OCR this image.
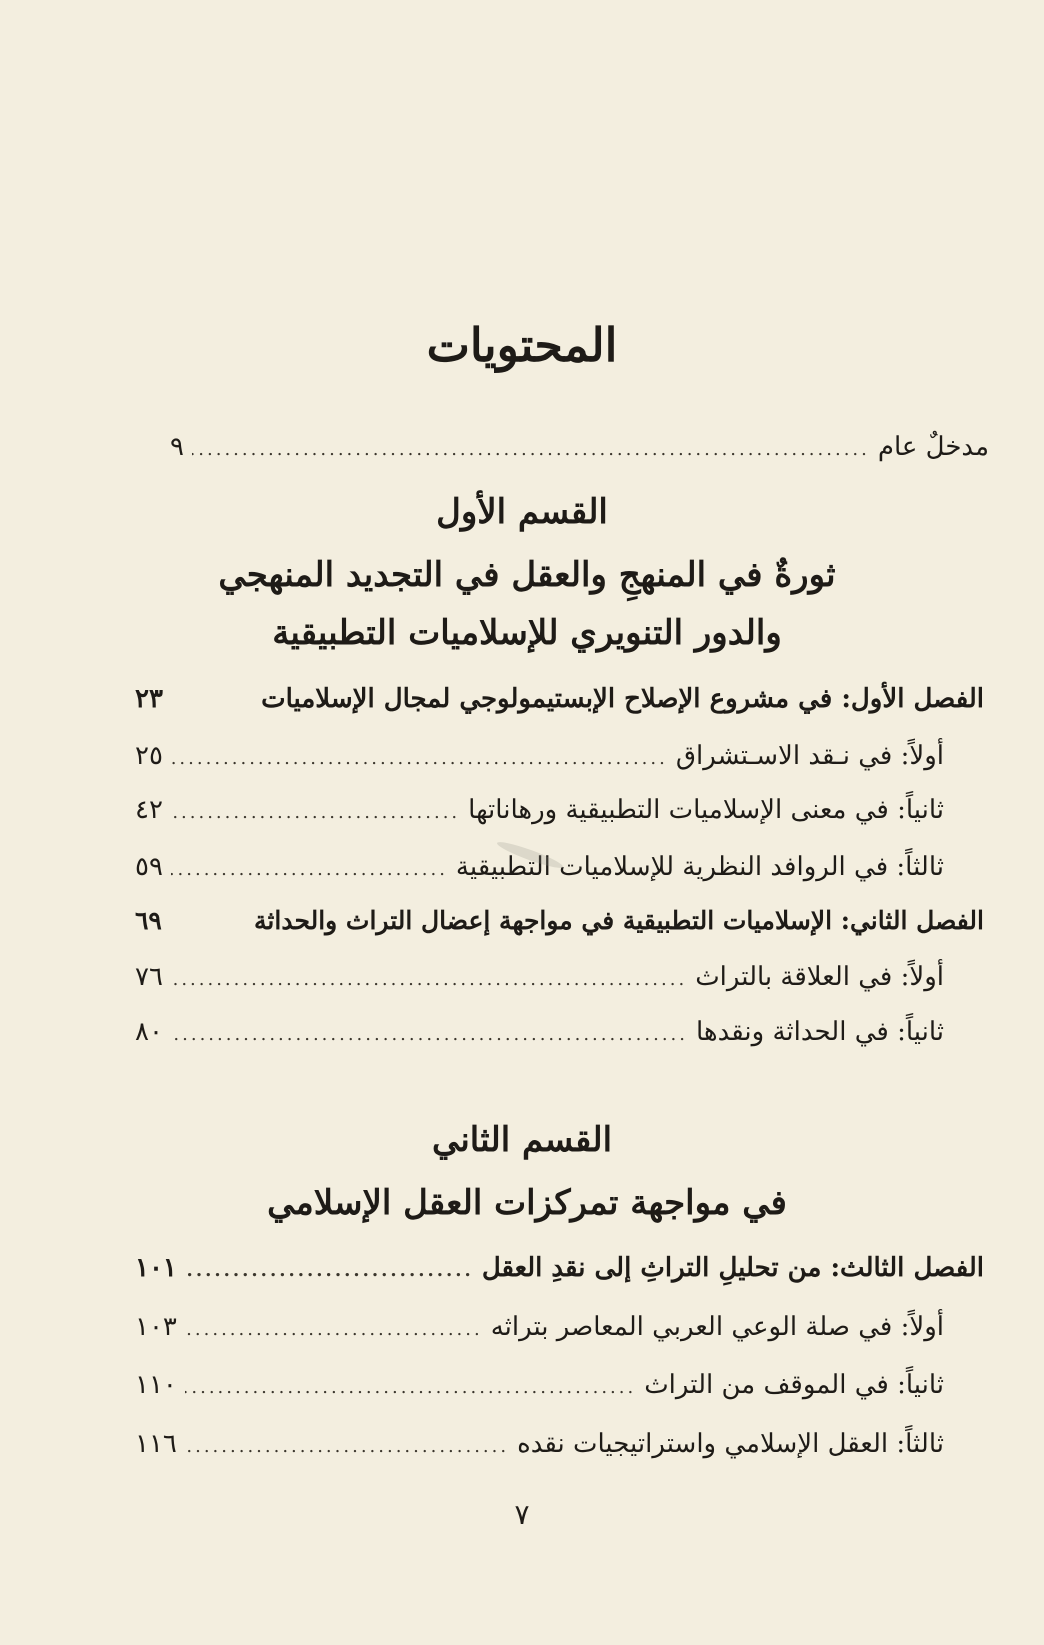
المحتويات
مدخلٌ عام
.....
٩
القسم الأول
ثورةٌ في المنهجِ والعقل في التجديد المنهجي
والدور التنويري للإسلاميات التطبيقية
الفصل الأول: في مشروع الإصلاح الإبستيمولوجي لمجال الإسلاميات
٢٣
أولاً: في نـقد الاسـتشراق
.....
٢٥
ثانياً: في معنى الإسلاميات التطبيقية ورهاناتها
.....
٤٢
ثالثاً: في الروافد النظرية للإسلاميات التطبيقية
.....
٥٩
الفصل الثاني: الإسلاميات التطبيقية في مواجهة إعضال التراث والحداثة
٦٩
أولاً: في العلاقة بالتراث
.....
٧٦
ثانياً: في الحداثة ونقدها
.....
٨٠
القسم الثاني
في مواجهة تمركزات العقل الإسلامي
الفصل الثالث: من تحليلِ التراثِ إلى نقدِ العقل
.....
١٠١
أولاً: في صلة الوعي العربي المعاصر بتراثه
.....
١٠٣
ثانياً: في الموقف من التراث
.....
١١٠
ثالثاً: العقل الإسلامي واستراتيجيات نقده
.....
١١٦
٧
